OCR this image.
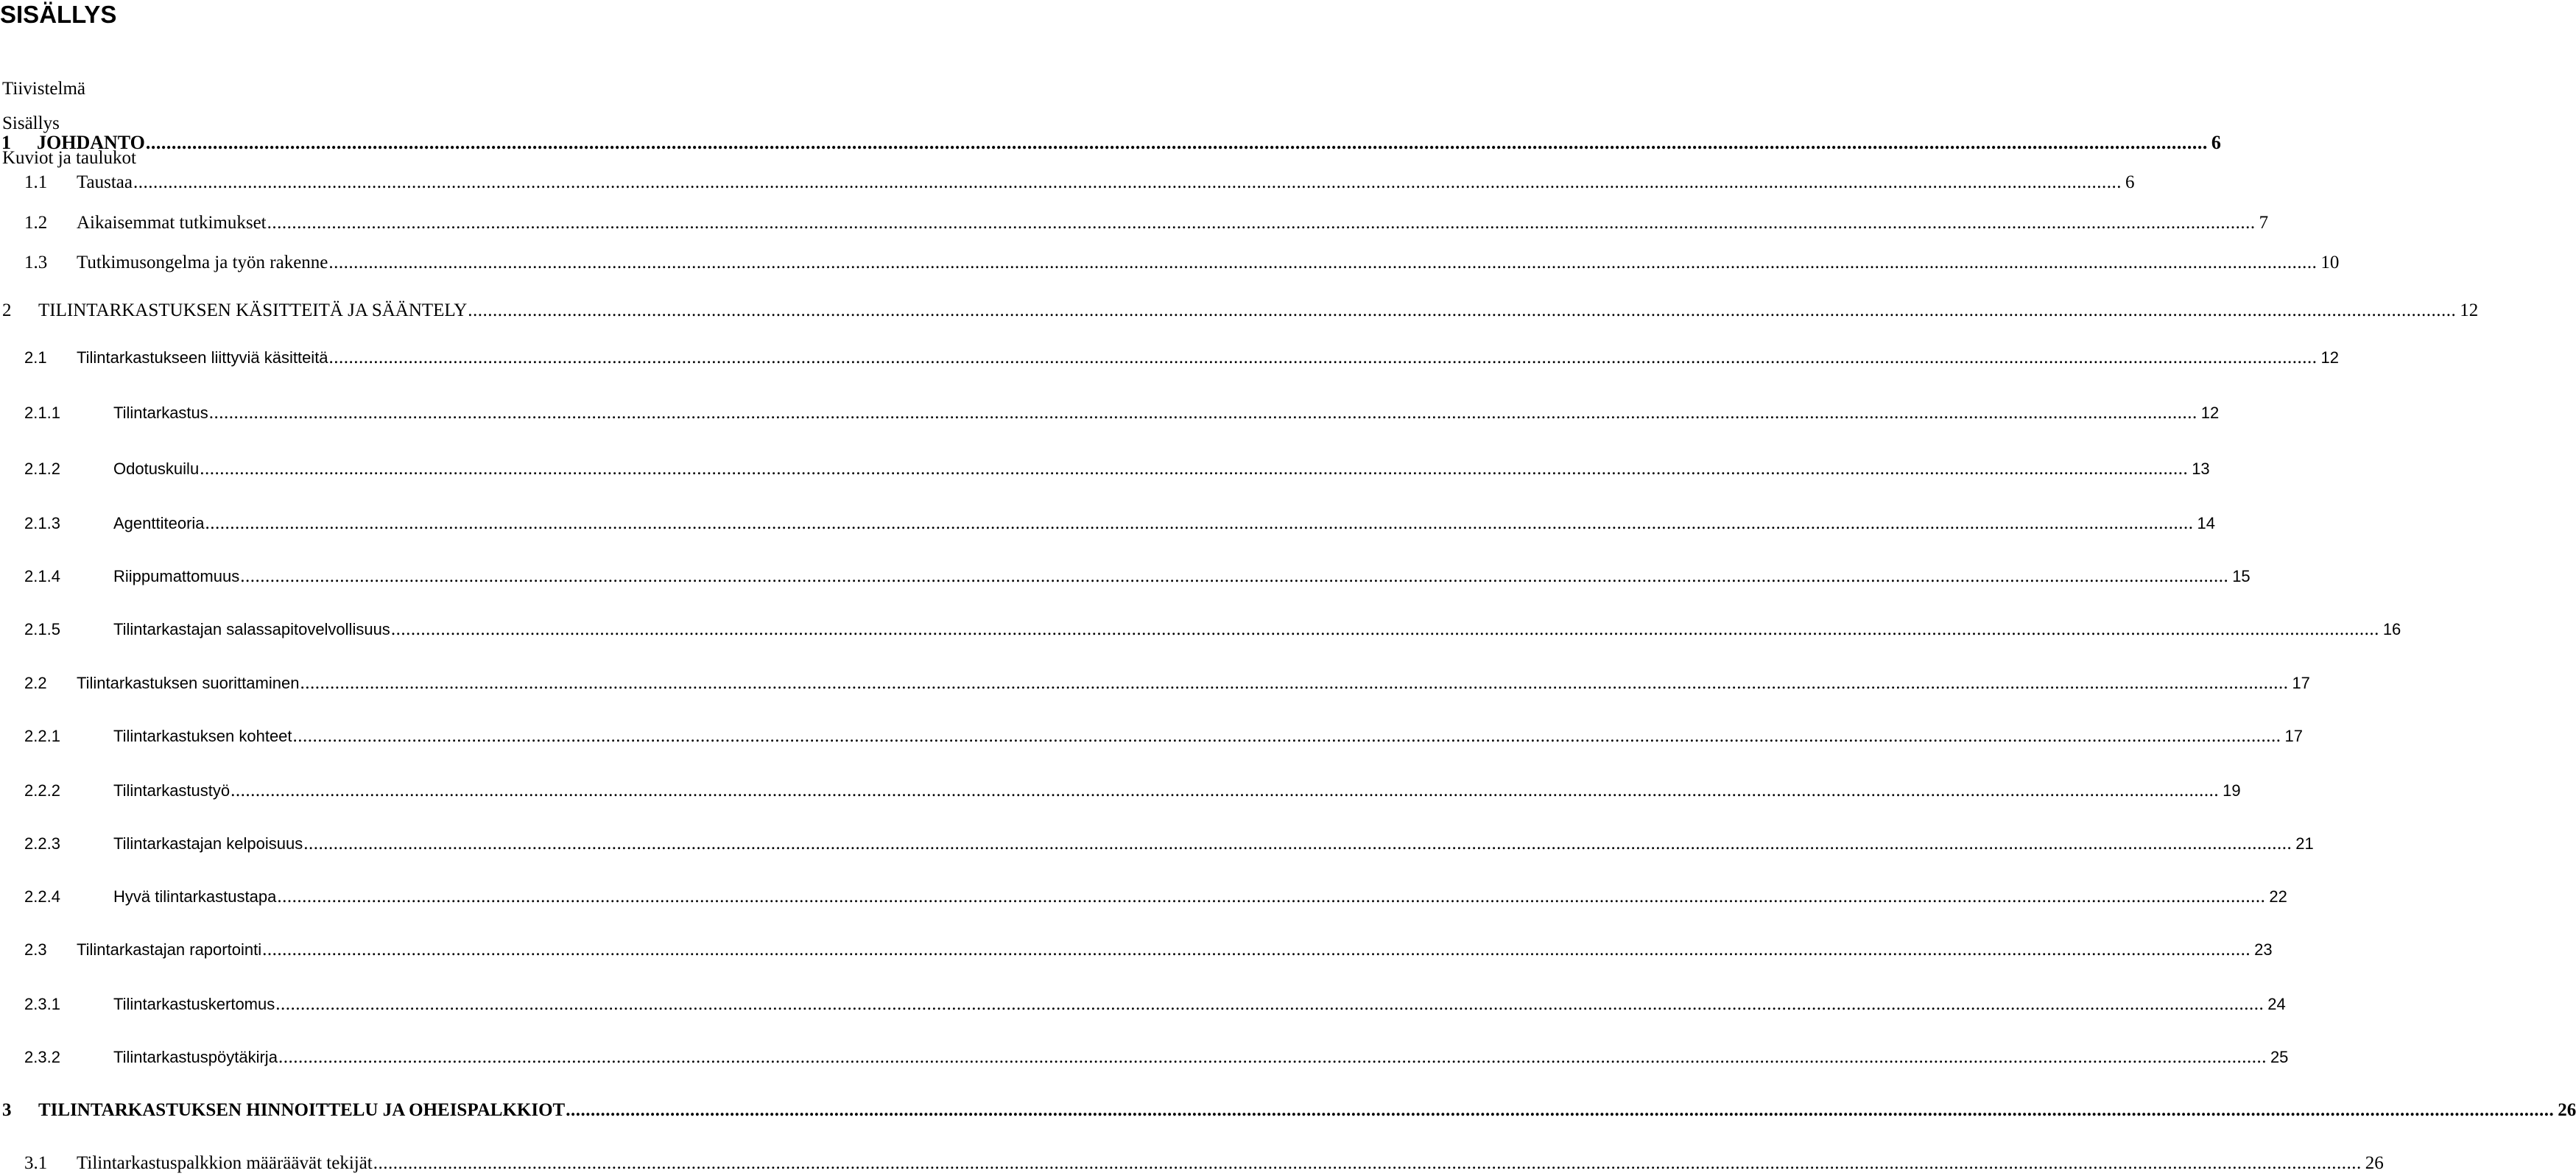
SISÄLLYS
Tiivistelmä
Sisällys
Kuviot ja taulukot
1 JOHDANTO ................................................................................................................................................................................................................................................................................................................................................................................................................ 6
1.1 Taustaa ................................................................................................................................................................................................................................................................................................................................................................................................................ 6
1.2 Aikaisemmat tutkimukset ................................................................................................................................................................................................................................................................................................................................................................................................................ 7
1.3 Tutkimusongelma ja työn rakenne ................................................................................................................................................................................................................................................................................................................................................................................................................ 10
2 TILINTARKASTUKSEN KÄSITTEITÄ JA SÄÄNTELY ................................................................................................................................................................................................................................................................................................................................................................................................................ 12
2.1 Tilintarkastukseen liittyviä käsitteitä ................................................................................................................................................................................................................................................................................................................................................................................................................ 12
2.1.1	Tilintarkastus ................................................................................................................................................................................................................................................................................................................................................................................................................ 12
2.1.2	Odotuskuilu ................................................................................................................................................................................................................................................................................................................................................................................................................ 13
2.1.3	Agenttiteoria ................................................................................................................................................................................................................................................................................................................................................................................................................ 14
2.1.4	Riippumattomuus ................................................................................................................................................................................................................................................................................................................................................................................................................ 15
2.1.5	Tilintarkastajan salassapitovelvollisuus ................................................................................................................................................................................................................................................................................................................................................................................................................ 16
2.2 Tilintarkastuksen suorittaminen ................................................................................................................................................................................................................................................................................................................................................................................................................ 17
2.2.1	Tilintarkastuksen kohteet ................................................................................................................................................................................................................................................................................................................................................................................................................ 17
2.2.2	Tilintarkastustyö ................................................................................................................................................................................................................................................................................................................................................................................................................ 19
2.2.3	Tilintarkastajan kelpoisuus ................................................................................................................................................................................................................................................................................................................................................................................................................ 21
2.2.4	Hyvä tilintarkastustapa ................................................................................................................................................................................................................................................................................................................................................................................................................ 22
2.3 Tilintarkastajan raportointi ................................................................................................................................................................................................................................................................................................................................................................................................................ 23
2.3.1	Tilintarkastuskertomus ................................................................................................................................................................................................................................................................................................................................................................................................................ 24
2.3.2	Tilintarkastuspöytäkirja ................................................................................................................................................................................................................................................................................................................................................................................................................ 25
3 TILINTARKASTUKSEN HINNOITTELU JA OHEISPALKKIOT ................................................................................................................................................................................................................................................................................................................................................................................................................ 26
3.1 Tilintarkastuspalkkion määräävät tekijät ................................................................................................................................................................................................................................................................................................................................................................................................................ 26
